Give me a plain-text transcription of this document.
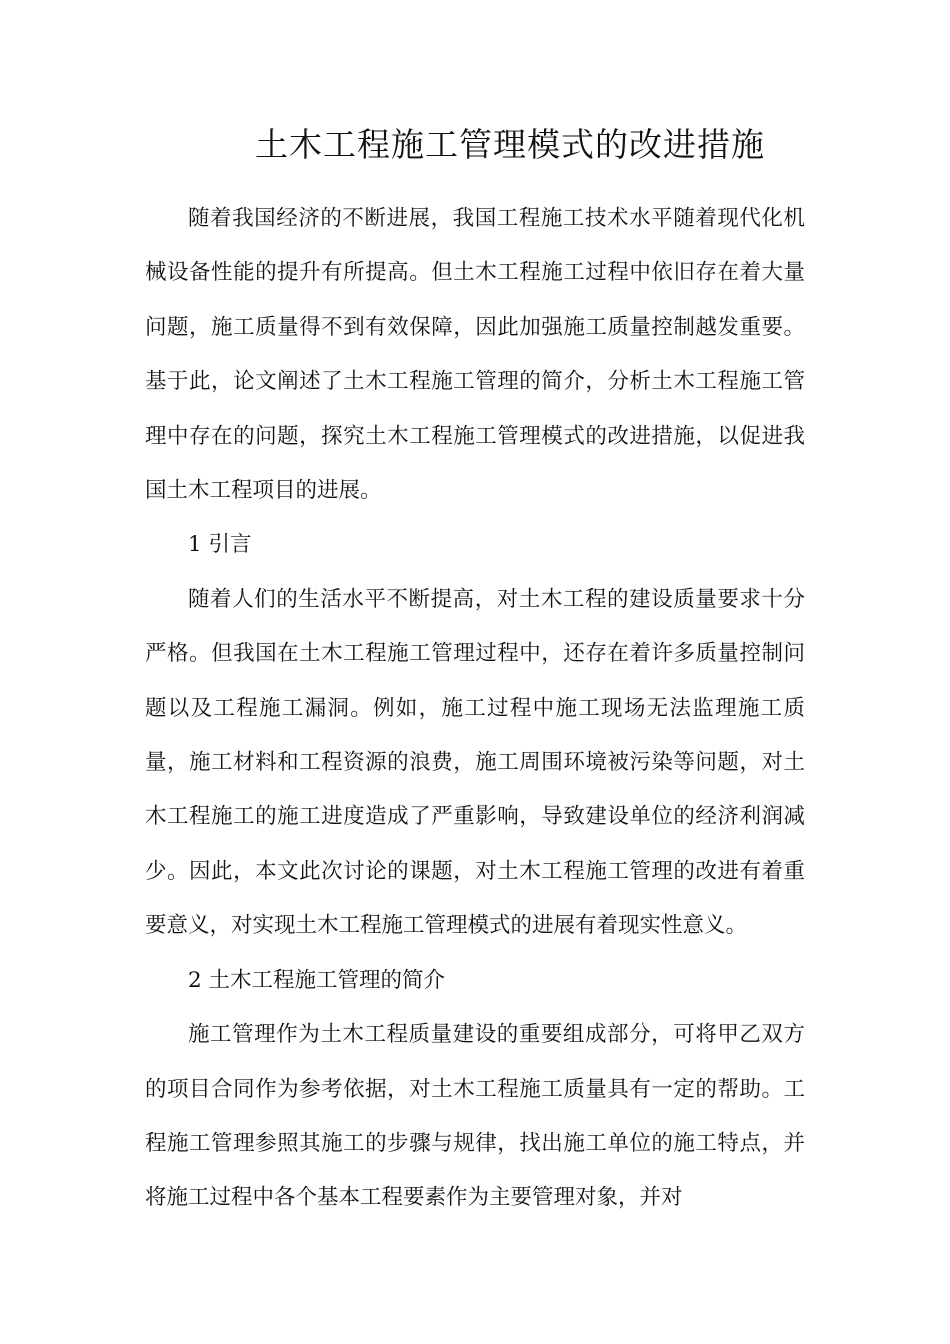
土木工程施工管理模式的改进措施

随着我国经济的不断进展，我国工程施工技术水平随着现代化机械设备性能的提升有所提高。但土木工程施工过程中依旧存在着大量问题，施工质量得不到有效保障，因此加强施工质量控制越发重要。基于此，论文阐述了土木工程施工管理的简介，分析土木工程施工管理中存在的问题，探究土木工程施工管理模式的改进措施，以促进我国土木工程项目的进展。

1 引言

随着人们的生活水平不断提高，对土木工程的建设质量要求十分严格。但我国在土木工程施工管理过程中，还存在着许多质量控制问题以及工程施工漏洞。例如，施工过程中施工现场无法监理施工质量，施工材料和工程资源的浪费，施工周围环境被污染等问题，对土木工程施工的施工进度造成了严重影响，导致建设单位的经济利润减少。因此，本文此次讨论的课题，对土木工程施工管理的改进有着重要意义，对实现土木工程施工管理模式的进展有着现实性意义。

2 土木工程施工管理的简介

施工管理作为土木工程质量建设的重要组成部分，可将甲乙双方的项目合同作为参考依据，对土木工程施工质量具有一定的帮助。工程施工管理参照其施工的步骤与规律，找出施工单位的施工特点，并将施工过程中各个基本工程要素作为主要管理对象，并对
